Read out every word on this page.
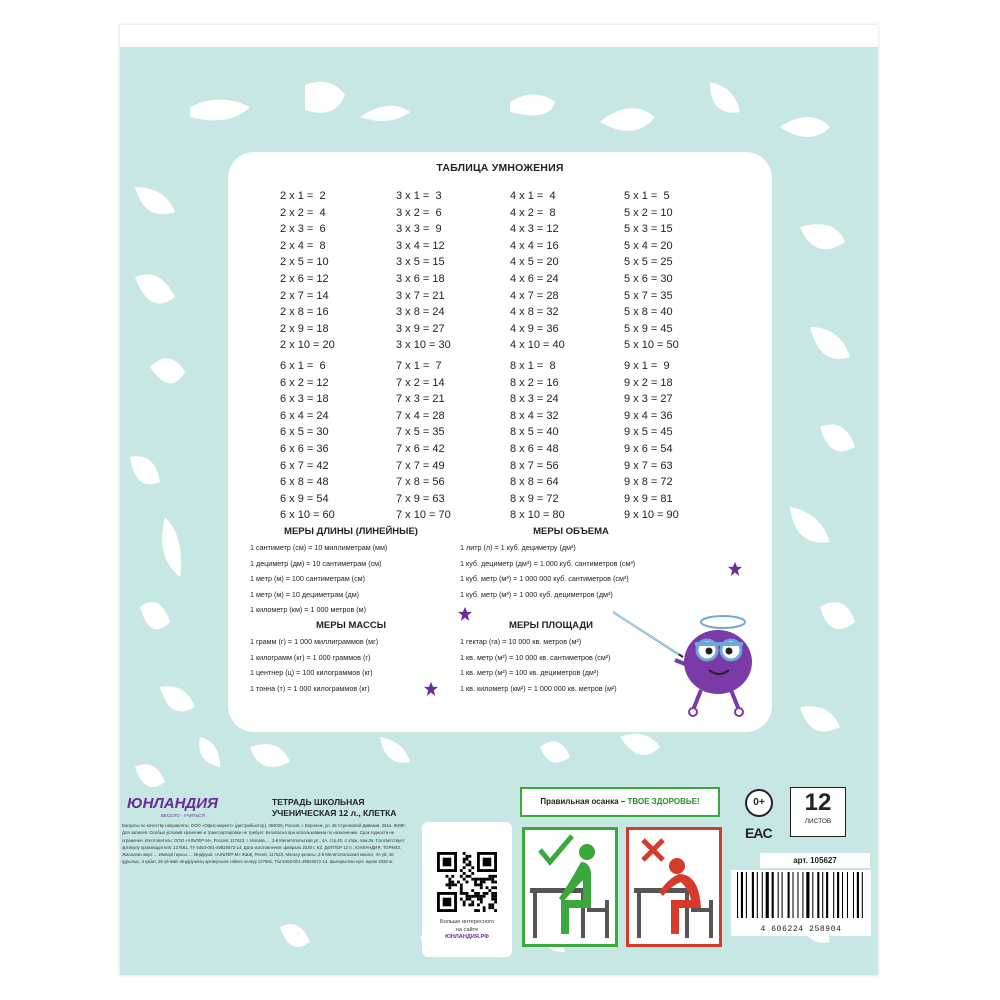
ТАБЛИЦА УМНОЖЕНИЯ
2 x 1 =  2
2 x 2 =  4
2 x 3 =  6
2 x 4 =  8
2 x 5 = 10
2 x 6 = 12
2 x 7 = 14
2 x 8 = 16
2 x 9 = 18
2 x 10 = 20
3 x 1 =  3
3 x 2 =  6
3 x 3 =  9
3 x 4 = 12
3 x 5 = 15
3 x 6 = 18
3 x 7 = 21
3 x 8 = 24
3 x 9 = 27
3 x 10 = 30
4 x 1 =  4
4 x 2 =  8
4 x 3 = 12
4 x 4 = 16
4 x 5 = 20
4 x 6 = 24
4 x 7 = 28
4 x 8 = 32
4 x 9 = 36
4 x 10 = 40
5 x 1 =  5
5 x 2 = 10
5 x 3 = 15
5 x 4 = 20
5 x 5 = 25
5 x 6 = 30
5 x 7 = 35
5 x 8 = 40
5 x 9 = 45
5 x 10 = 50
6 x 1 =  6
6 x 2 = 12
6 x 3 = 18
6 x 4 = 24
6 x 5 = 30
6 x 6 = 36
6 x 7 = 42
6 x 8 = 48
6 x 9 = 54
6 x 10 = 60
7 x 1 =  7
7 x 2 = 14
7 x 3 = 21
7 x 4 = 28
7 x 5 = 35
7 x 6 = 42
7 x 7 = 49
7 x 8 = 56
7 x 9 = 63
7 x 10 = 70
8 x 1 =  8
8 x 2 = 16
8 x 3 = 24
8 x 4 = 32
8 x 5 = 40
8 x 6 = 48
8 x 7 = 56
8 x 8 = 64
8 x 9 = 72
8 x 10 = 80
9 x 1 =  9
9 x 2 = 18
9 x 3 = 27
9 x 4 = 36
9 x 5 = 45
9 x 6 = 54
9 x 7 = 63
9 x 8 = 72
9 x 9 = 81
9 x 10 = 90
МЕРЫ ДЛИНЫ (ЛИНЕЙНЫЕ)
1 сантиметр (см) = 10 миллиметрам (мм)
1 дециметр (дм) = 10 сантиметрам (см)
1 метр (м) = 100 сантиметрам (см)
1 метр (м) = 10 дециметрам (дм)
1 километр (км) = 1 000 метров (м)
МЕРЫ ОБЪЕМА
1 литр (л) = 1 куб. дециметру (дм³)
1 куб. дециметр (дм³) = 1 000 куб. сантиметров (см³)
1 куб. метр (м³) = 1 000 000 куб. сантиметров (см³)
1 куб. метр (м³) = 1 000 куб. дециметров (дм³)
МЕРЫ МАССЫ
1 грамм (г) = 1 000 миллиграммов (мг)
1 килограмм (кг) = 1 000 граммов (г)
1 центнер (ц) = 100 килограммов (кг)
1 тонна (т) = 1 000 килограммов (кг)
МЕРЫ ПЛОЩАДИ
1 гектар (га) = 10 000 кв. метров (м²)
1 кв. метр (м²) = 10 000 кв. сантиметров (см²)
1 кв. метр (м²) = 100 кв. дециметров (дм²)
1 кв. километр (км²) = 1 000 000 кв. метров (м²)
ЮНЛАНДИЯ
ВЕСЕЛО · УЧИТЬСЯ
ТЕТРАДЬ ШКОЛЬНАЯ
УЧЕНИЧЕСКАЯ 12 л., КЛЕТКА
Вопросы по качеству направлять: ООО «Офис-маркет» (дистрибьютор), 394026, Россия, г. Воронеж, ул. 45 Стрелковой Дивизии, 261а. ЖИЖ: Для записей. Особых условий хранения и транспортировки не требует. Безопасна при использовании по назначению. Срок годности не ограничен. Изготовитель: ООО «АЛЬТЕР М», Россия, 117623, г. Москва, ... 2-й Мелитопольская ул., 4А, стр.40, 4 этаж, пом.26. Соответствует артикулу производителя: 127581, ТУ 5463-001-49925672-14. Дата изготовления: февраль 2020 г. KZ. ДӘПТЕР 12 п., ЮНЛАНДИЯ, ТОРКӨЗ. Жасалған жері: ... Импорттаушы: ... Өндіруші: «АЛЬТЕР-М» ЖШҚ, Ресей, 117623, Мәскеу қаласы, 2-й Мелитопольская көшесі, 4А үй, 40 құрылыс, 4 қабат, 26 үй-жай. Өндірушінің артикулына сәйкес келеді 127581, ТШ 5463-001-49925672-14. Шығарылған күні: ақпан 2020 ж.
Больше интересного
на сайте
ЮНЛАНДИЯ.РФ
Правильная осанка – ТВОЕ ЗДОРОВЬЕ!	0+
EAC
12
ЛИСТОВ
арт. 105627
4 606224 258904
